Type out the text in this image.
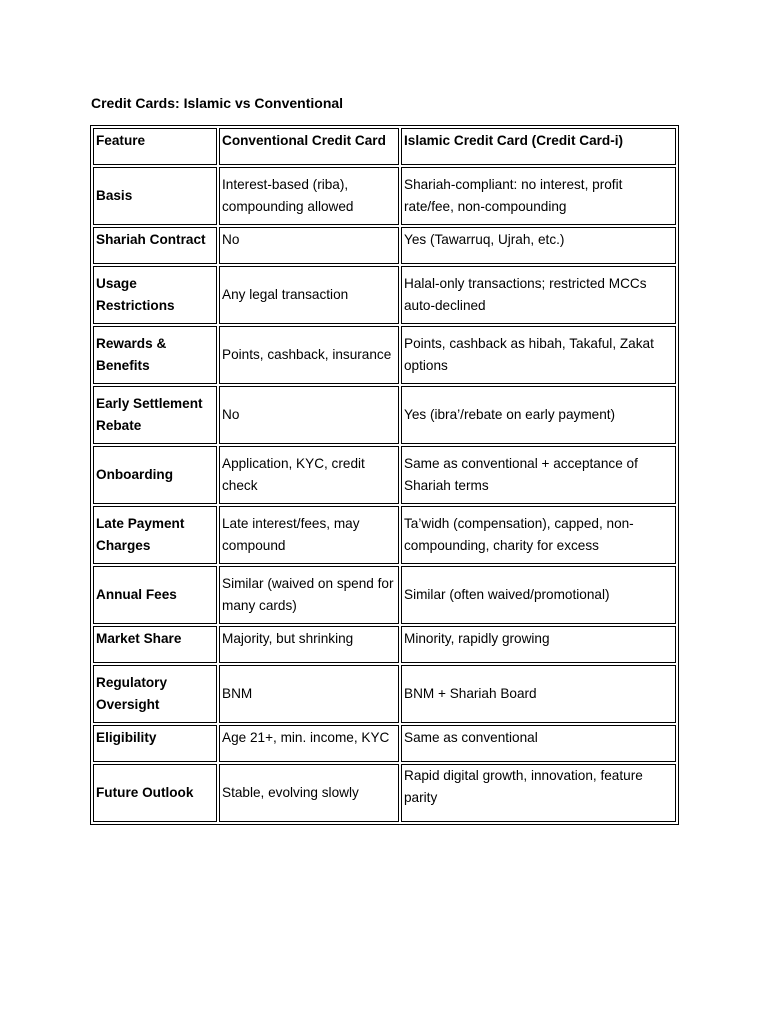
Credit Cards: Islamic vs Conventional
Feature	Conventional Credit Card	Islamic Credit Card (Credit Card-i)
Basis	Interest-based (riba), compounding allowed	Shariah-compliant: no interest, profit rate/fee, non-compounding
Shariah Contract	No	Yes (Tawarruq, Ujrah, etc.)
Usage Restrictions	Any legal transaction	Halal-only transactions; restricted MCCs auto-declined
Rewards & Benefits	Points, cashback, insurance	Points, cashback as hibah, Takaful, Zakat options
Early Settlement Rebate	No	Yes (ibra’/rebate on early payment)
Onboarding	Application, KYC, credit check	Same as conventional + acceptance of Shariah terms
Late Payment Charges	Late interest/fees, may compound	Ta’widh (compensation), capped, non-compounding, charity for excess
Annual Fees	Similar (waived on spend for many cards)	Similar (often waived/promotional)
Market Share	Majority, but shrinking	Minority, rapidly growing
Regulatory Oversight	BNM	BNM + Shariah Board
Eligibility	Age 21+, min. income, KYC	Same as conventional
Future Outlook	Stable, evolving slowly	Rapid digital growth, innovation, feature parity
